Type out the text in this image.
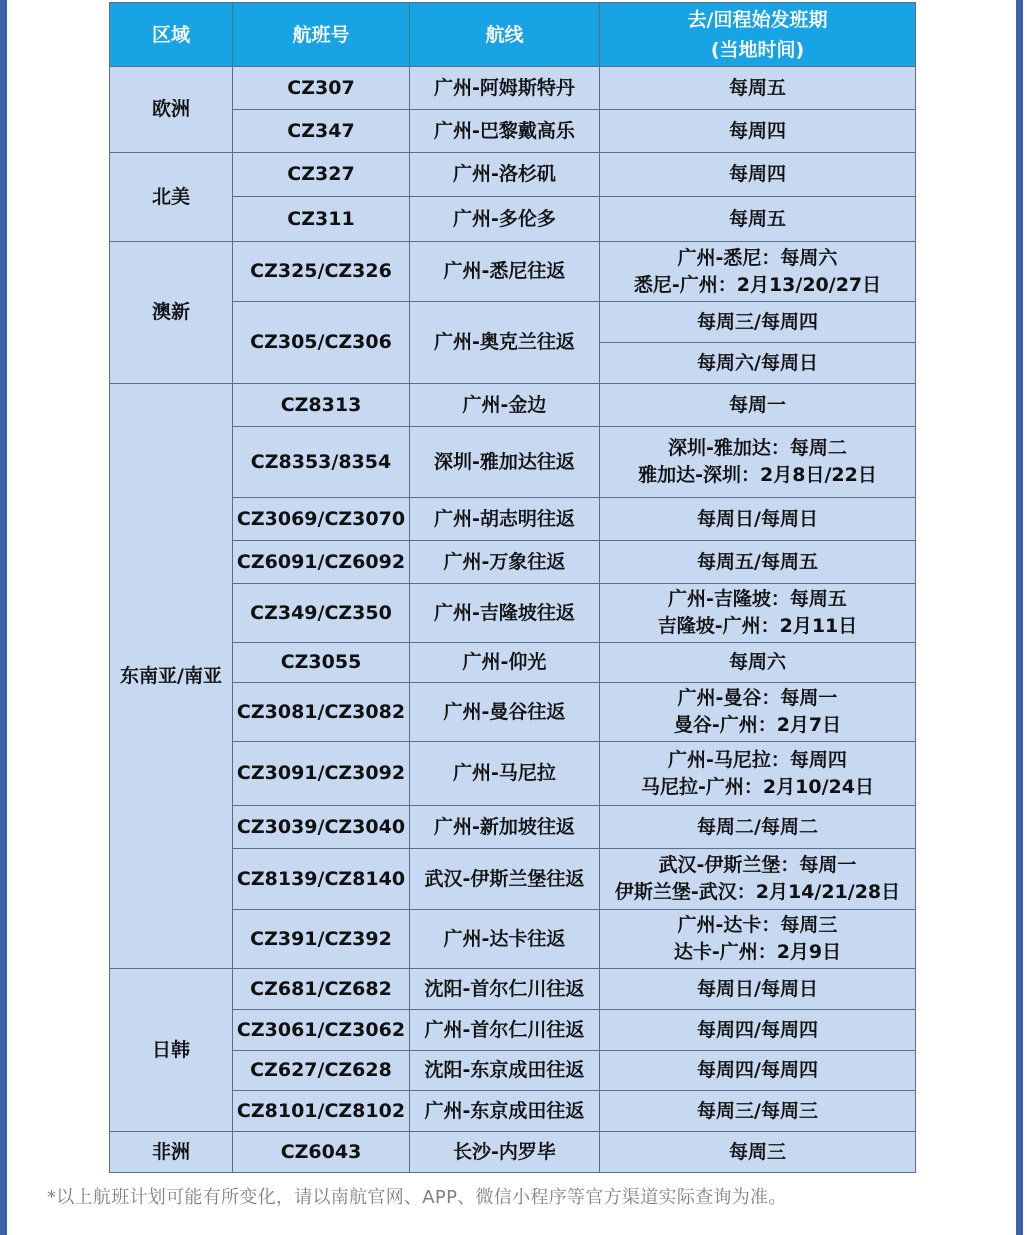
区域	航班号	航线	去/回程始发班期
(当地时间)
欧洲	CZ307	广州-阿姆斯特丹	每周五
	CZ347	广州-巴黎戴高乐	每周四
北美	CZ327	广州-洛杉矶	每周四
	CZ311	广州-多伦多	每周五
澳新	CZ325/CZ326	广州-悉尼往返	广州-悉尼：每周六
悉尼-广州：2月13/20/27日
	CZ305/CZ306	广州-奥克兰往返	每周三/每周四
			每周六/每周日
东南亚/南亚	CZ8313	广州-金边	每周一
	CZ8353/8354	深圳-雅加达往返	深圳-雅加达：每周二
雅加达-深圳：2月8日/22日
	CZ3069/CZ3070	广州-胡志明往返	每周日/每周日
	CZ6091/CZ6092	广州-万象往返	每周五/每周五
	CZ349/CZ350	广州-吉隆坡往返	广州-吉隆坡：每周五
吉隆坡-广州：2月11日
	CZ3055	广州-仰光	每周六
	CZ3081/CZ3082	广州-曼谷往返	广州-曼谷：每周一
曼谷-广州：2月7日
	CZ3091/CZ3092	广州-马尼拉	广州-马尼拉：每周四
马尼拉-广州：2月10/24日
	CZ3039/CZ3040	广州-新加坡往返	每周二/每周二
	CZ8139/CZ8140	武汉-伊斯兰堡往返	武汉-伊斯兰堡：每周一
伊斯兰堡-武汉：2月14/21/28日
	CZ391/CZ392	广州-达卡往返	广州-达卡：每周三
达卡-广州：2月9日
日韩	CZ681/CZ682	沈阳-首尔仁川往返	每周日/每周日
	CZ3061/CZ3062	广州-首尔仁川往返	每周四/每周四
	CZ627/CZ628	沈阳-东京成田往返	每周四/每周四
	CZ8101/CZ8102	广州-东京成田往返	每周三/每周三
非洲	CZ6043	长沙-内罗毕	每周三
*以上航班计划可能有所变化，请以南航官网、APP、微信小程序等官方渠道实际查询为准。
